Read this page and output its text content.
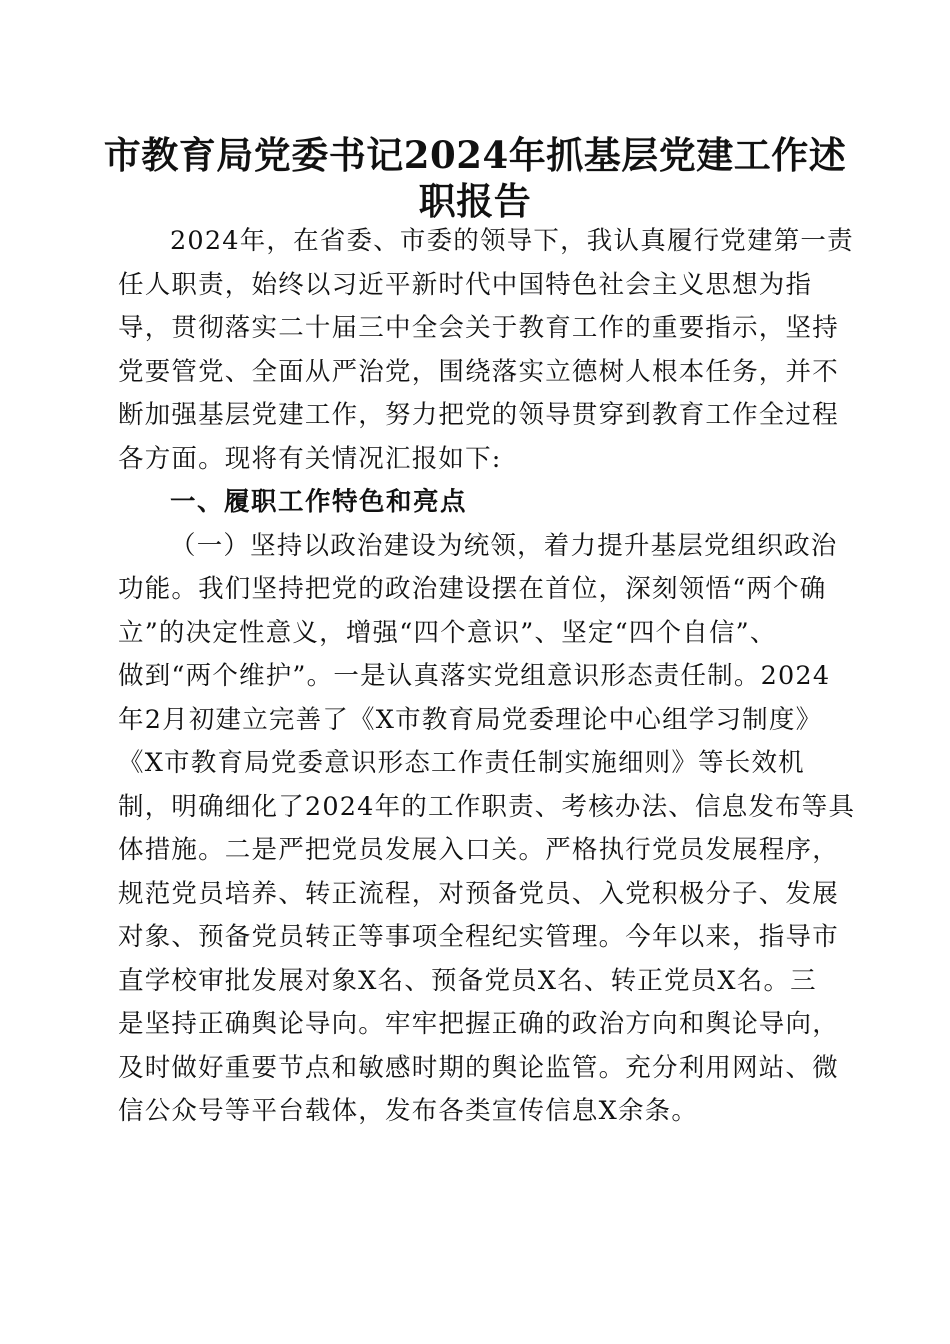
市教育局党委书记2024年抓基层党建工作述
职报告
2024年，在省委、市委的领导下，我认真履行党建第一责
任人职责，始终以习近平新时代中国特色社会主义思想为指
导，贯彻落实二十届三中全会关于教育工作的重要指示，坚持
党要管党、全面从严治党，围绕落实立德树人根本任务，并不
断加强基层党建工作，努力把党的领导贯穿到教育工作全过程
各方面。现将有关情况汇报如下:
一、履职工作特色和亮点
（一）坚持以政治建设为统领，着力提升基层党组织政治
功能。我们坚持把党的政治建设摆在首位，深刻领悟“两个确
立”的决定性意义，增强“四个意识”、坚定“四个自信”、
做到“两个维护”。一是认真落实党组意识形态责任制。2024
年2月初建立完善了《X市教育局党委理论中心组学习制度》
《X市教育局党委意识形态工作责任制实施细则》等长效机
制，明确细化了2024年的工作职责、考核办法、信息发布等具
体措施。二是严把党员发展入口关。严格执行党员发展程序，
规范党员培养、转正流程，对预备党员、入党积极分子、发展
对象、预备党员转正等事项全程纪实管理。今年以来，指导市
直学校审批发展对象X名、预备党员X名、转正党员X名。三
是坚持正确舆论导向。牢牢把握正确的政治方向和舆论导向，
及时做好重要节点和敏感时期的舆论监管。充分利用网站、微
信公众号等平台载体，发布各类宣传信息X余条。
